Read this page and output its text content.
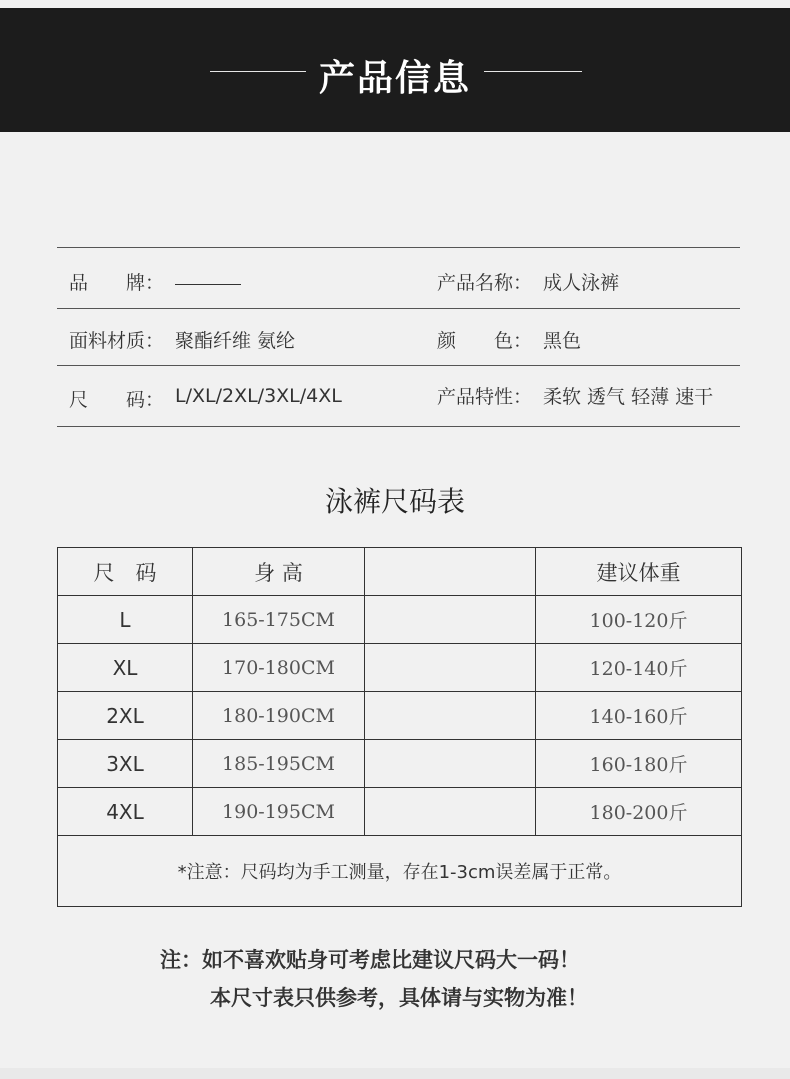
产品信息
品　　牌：	产品名称： 成人泳裤
面料材质： 聚酯纤维 氨纶	颜　　色： 黑色
尺　　码： L/XL/2XL/3XL/4XL	产品特性： 柔软 透气 轻薄 速干
泳裤尺码表
尺　码	身 高		建议体重
L	165-175CM		100-120斤
XL	170-180CM		120-140斤
2XL	180-190CM		140-160斤
3XL	185-195CM		160-180斤
4XL	190-195CM		180-200斤
*注意：尺码均为手工测量，存在1-3cm误差属于正常。			
注：如不喜欢贴身可考虑比建议尺码大一码！
本尺寸表只供参考，具体请与实物为准！
